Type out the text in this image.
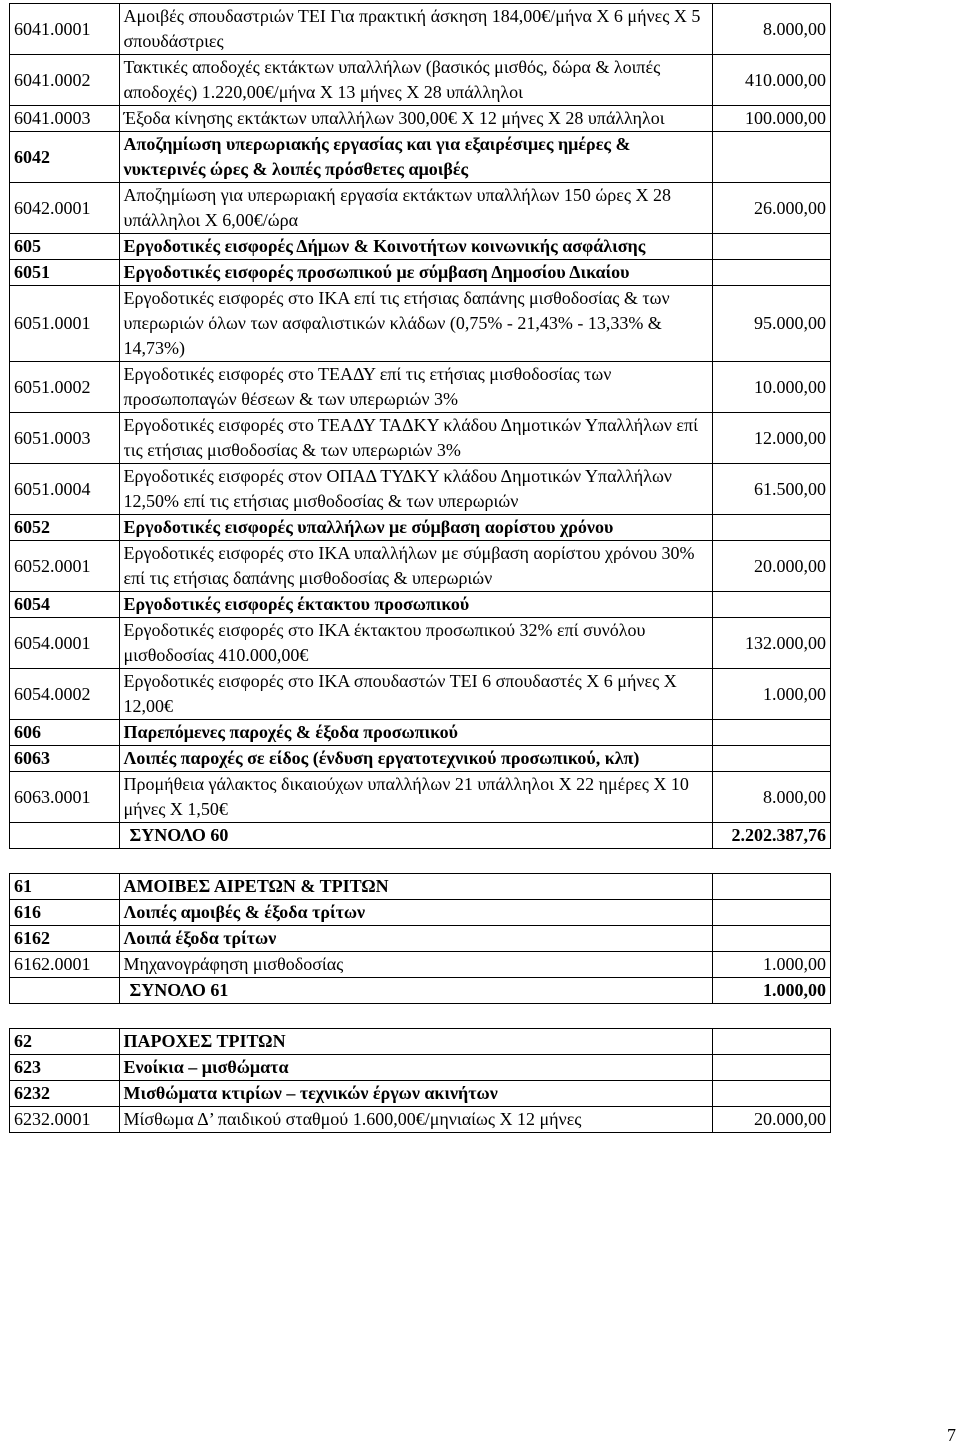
6041.0001	Αμοιβές σπουδαστριών ΤΕΙ Για πρακτική άσκηση 184,00€/μήνα Χ 6 μήνες Χ 5 σπουδάστριες	8.000,00
6041.0002	Τακτικές αποδοχές εκτάκτων υπαλλήλων (βασικός μισθός, δώρα & λοιπές αποδοχές) 1.220,00€/μήνα Χ 13 μήνες Χ 28 υπάλληλοι	410.000,00
6041.0003	Έξοδα κίνησης εκτάκτων υπαλλήλων 300,00€ Χ 12 μήνες Χ 28 υπάλληλοι	100.000,00
6042	Αποζημίωση υπερωριακής εργασίας και για εξαιρέσιμες ημέρες & νυκτερινές ώρες & λοιπές πρόσθετες αμοιβές	
6042.0001	Αποζημίωση για υπερωριακή εργασία εκτάκτων υπαλλήλων 150 ώρες Χ 28 υπάλληλοι Χ 6,00€/ώρα	26.000,00
605	Εργοδοτικές εισφορές Δήμων & Κοινοτήτων κοινωνικής ασφάλισης	
6051	Εργοδοτικές εισφορές προσωπικού με σύμβαση Δημοσίου Δικαίου	
6051.0001	Εργοδοτικές εισφορές στο ΙΚΑ επί τις ετήσιας δαπάνης μισθοδοσίας & των υπερωριών όλων των ασφαλιστικών κλάδων (0,75% - 21,43% - 13,33% & 14,73%)	95.000,00
6051.0002	Εργοδοτικές εισφορές στο ΤΕΑΔΥ επί τις ετήσιας μισθοδοσίας των προσωποπαγών θέσεων & των υπερωριών 3%	10.000,00
6051.0003	Εργοδοτικές εισφορές στο ΤΕΑΔΥ ΤΑΔΚΥ κλάδου Δημοτικών Υπαλλήλων επί τις ετήσιας μισθοδοσίας & των υπερωριών 3%	12.000,00
6051.0004	Εργοδοτικές εισφορές στον ΟΠΑΔ ΤΥΔΚΥ κλάδου Δημοτικών Υπαλλήλων 12,50% επί τις ετήσιας μισθοδοσίας & των υπερωριών	61.500,00
6052	Εργοδοτικές εισφορές υπαλλήλων με σύμβαση αορίστου χρόνου	
6052.0001	Εργοδοτικές εισφορές στο ΙΚΑ υπαλλήλων με σύμβαση αορίστου χρόνου 30% επί τις ετήσιας δαπάνης μισθοδοσίας & υπερωριών	20.000,00
6054	Εργοδοτικές εισφορές έκτακτου προσωπικού	
6054.0001	Εργοδοτικές εισφορές στο ΙΚΑ έκτακτου προσωπικού 32% επί συνόλου μισθοδοσίας 410.000,00€	132.000,00
6054.0002	Εργοδοτικές εισφορές στο ΙΚΑ σπουδαστών ΤΕΙ 6 σπουδαστές Χ 6 μήνες Χ 12,00€	1.000,00
606	Παρεπόμενες παροχές & έξοδα προσωπικού	
6063	Λοιπές παροχές σε είδος (ένδυση εργατοτεχνικού προσωπικού, κλπ)	
6063.0001	Προμήθεια γάλακτος δικαιούχων υπαλλήλων 21 υπάλληλοι Χ 22 ημέρες Χ 10 μήνες Χ 1,50€	8.000,00
	ΣΥΝΟΛΟ 60	2.202.387,76
61	ΑΜΟΙΒΕΣ ΑΙΡΕΤΩΝ & ΤΡΙΤΩΝ	
616	Λοιπές αμοιβές & έξοδα τρίτων	
6162	Λοιπά έξοδα τρίτων	
6162.0001	Μηχανογράφηση μισθοδοσίας	1.000,00
	ΣΥΝΟΛΟ 61	1.000,00
62	ΠΑΡΟΧΕΣ ΤΡΙΤΩΝ	
623	Ενοίκια – μισθώματα	
6232	Μισθώματα κτιρίων – τεχνικών έργων ακινήτων	
6232.0001	Μίσθωμα Δ’ παιδικού σταθμού 1.600,00€/μηνιαίως Χ 12 μήνες	20.000,00
7
